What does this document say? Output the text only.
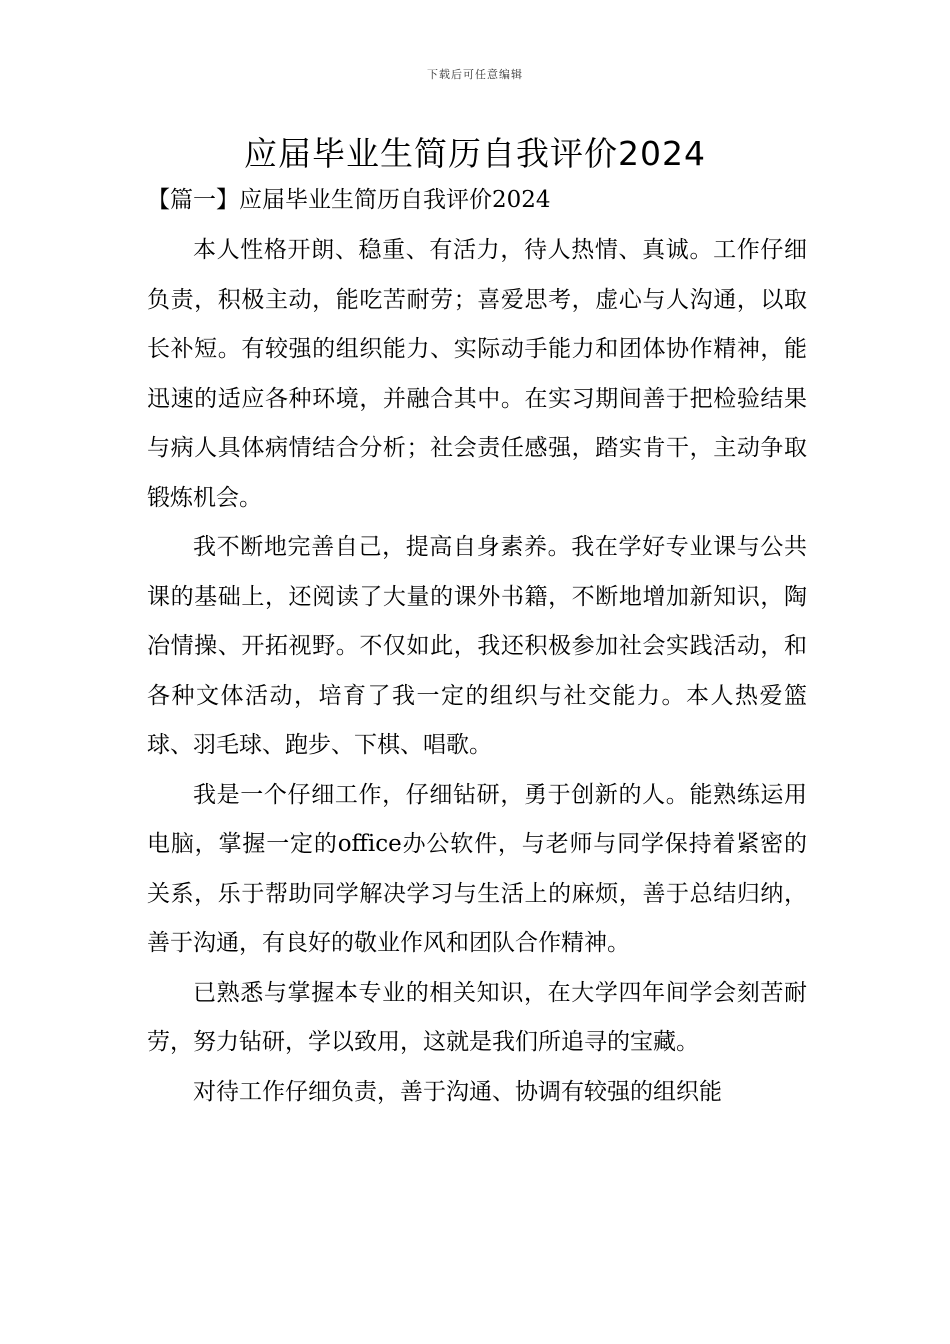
下载后可任意编辑
应届毕业生简历自我评价2024
【篇一】应届毕业生简历自我评价2024

本人性格开朗、稳重、有活力，待人热情、真诚。工作仔细负责，积极主动，能吃苦耐劳；喜爱思考，虚心与人沟通，以取长补短。有较强的组织能力、实际动手能力和团体协作精神，能迅速的适应各种环境，并融合其中。在实习期间善于把检验结果与病人具体病情结合分析；社会责任感强，踏实肯干，主动争取锻炼机会。

我不断地完善自己，提高自身素养。我在学好专业课与公共课的基础上，还阅读了大量的课外书籍，不断地增加新知识，陶冶情操、开拓视野。不仅如此，我还积极参加社会实践活动，和各种文体活动，培育了我一定的组织与社交能力。本人热爱篮球、羽毛球、跑步、下棋、唱歌。

我是一个仔细工作，仔细钻研，勇于创新的人。能熟练运用电脑，掌握一定的office办公软件，与老师与同学保持着紧密的关系，乐于帮助同学解决学习与生活上的麻烦，善于总结归纳，善于沟通，有良好的敬业作风和团队合作精神。

已熟悉与掌握本专业的相关知识，在大学四年间学会刻苦耐劳，努力钻研，学以致用，这就是我们所追寻的宝藏。

对待工作仔细负责，善于沟通、协调有较强的组织能
